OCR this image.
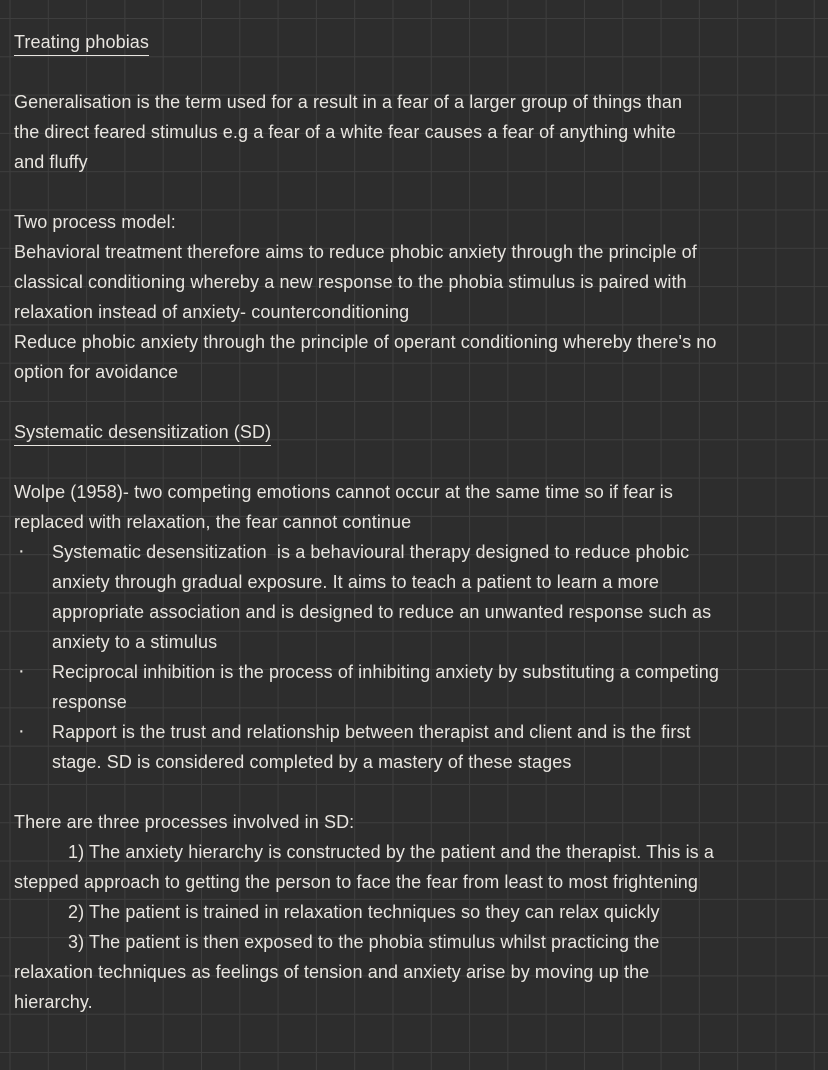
Treating phobias
Generalisation is the term used for a result in a fear of a larger group of things than
the direct feared stimulus e.g a fear of a white fear causes a fear of anything white
and fluffy
Two process model:
Behavioral treatment therefore aims to reduce phobic anxiety through the principle of
classical conditioning whereby a new response to the phobia stimulus is paired with
relaxation instead of anxiety- counterconditioning
Reduce phobic anxiety through the principle of operant conditioning whereby there's no
option for avoidance
Systematic desensitization (SD)
Wolpe (1958)- two competing emotions cannot occur at the same time so if fear is
replaced with relaxation, the fear cannot continue
· Systematic desensitization  is a behavioural therapy designed to reduce phobic
anxiety through gradual exposure. It aims to teach a patient to learn a more
appropriate association and is designed to reduce an unwanted response such as
anxiety to a stimulus
· Reciprocal inhibition is the process of inhibiting anxiety by substituting a competing
response
· Rapport is the trust and relationship between therapist and client and is the first
stage. SD is considered completed by a mastery of these stages
There are three processes involved in SD:
1) The anxiety hierarchy is constructed by the patient and the therapist. This is a
stepped approach to getting the person to face the fear from least to most frightening
2) The patient is trained in relaxation techniques so they can relax quickly
3) The patient is then exposed to the phobia stimulus whilst practicing the
relaxation techniques as feelings of tension and anxiety arise by moving up the
hierarchy.
